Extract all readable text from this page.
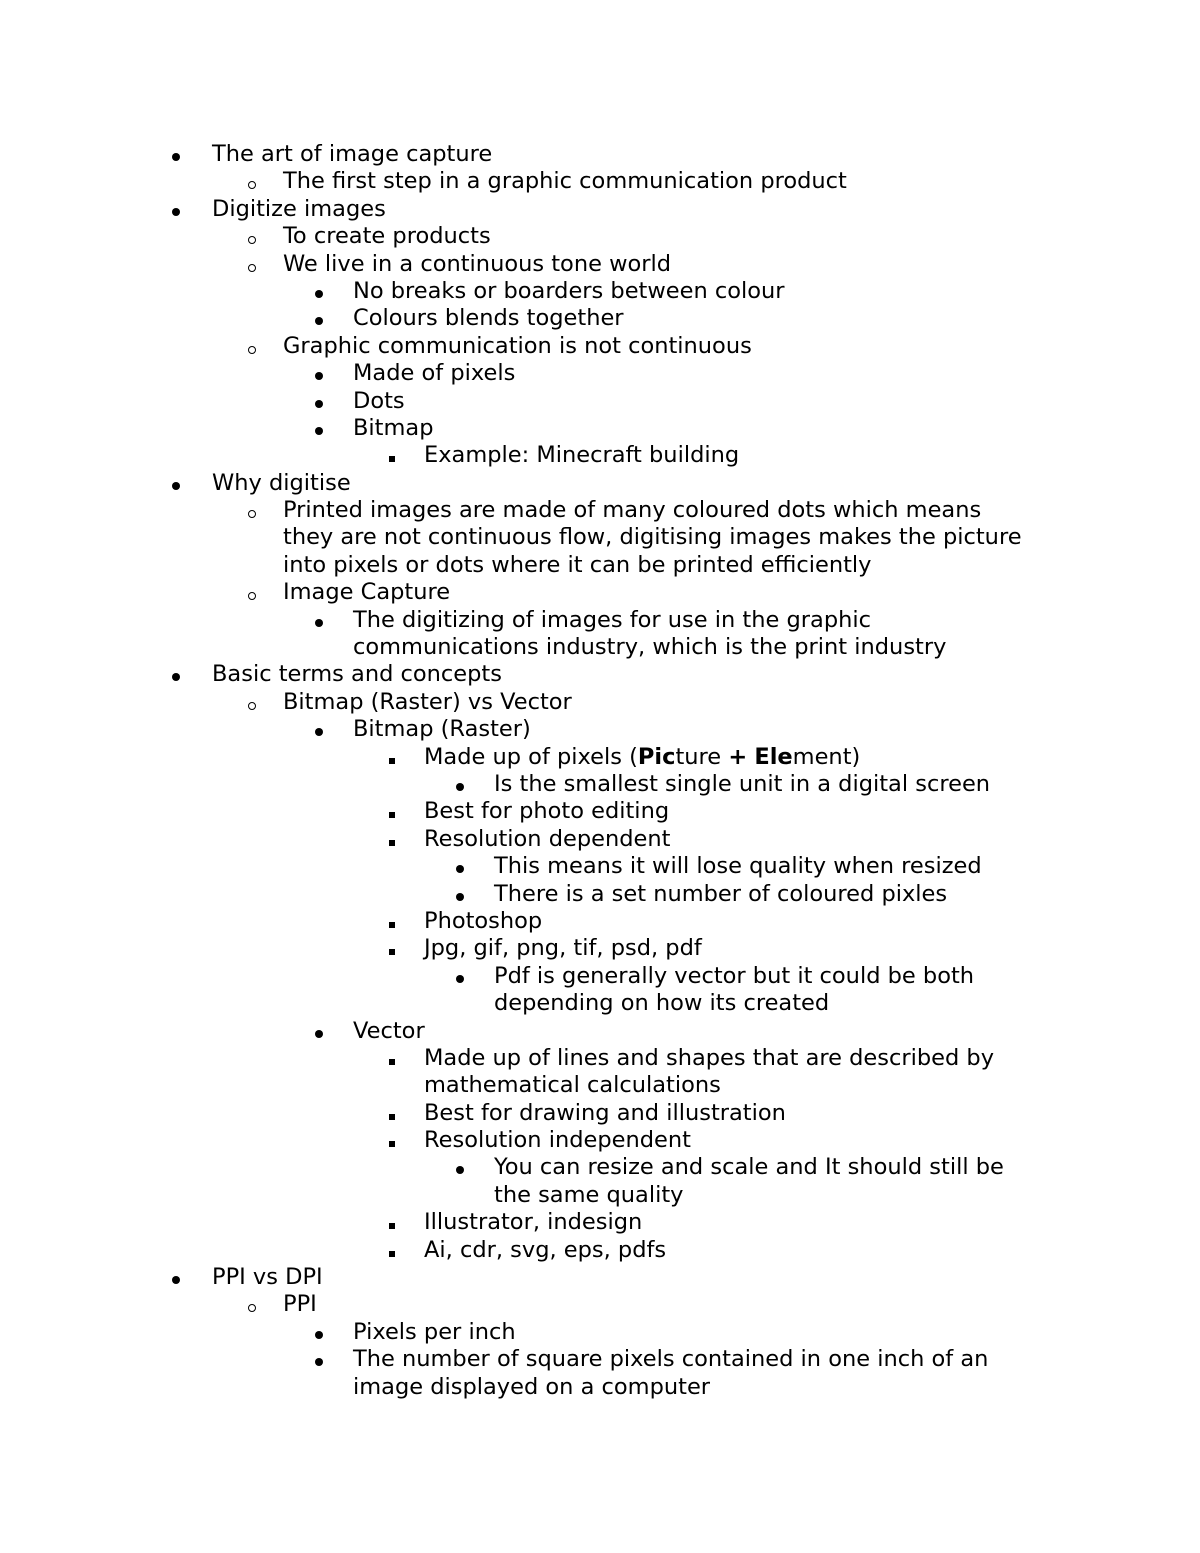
The art of image capture
The first step in a graphic communication product
Digitize images
To create products
We live in a continuous tone world
No breaks or boarders between colour
Colours blends together
Graphic communication is not continuous
Made of pixels
Dots
Bitmap
Example: Minecraft building
Why digitise
Printed images are made of many coloured dots which means
they are not continuous flow, digitising images makes the picture
into pixels or dots where it can be printed efficiently
Image Capture
The digitizing of images for use in the graphic
communications industry, which is the print industry
Basic terms and concepts
Bitmap (Raster) vs Vector
Bitmap (Raster)
Made up of pixels (Picture + Element)
Is the smallest single unit in a digital screen
Best for photo editing
Resolution dependent
This means it will lose quality when resized
There is a set number of coloured pixles
Photoshop
Jpg, gif, png, tif, psd, pdf
Pdf is generally vector but it could be both
depending on how its created
Vector
Made up of lines and shapes that are described by
mathematical calculations
Best for drawing and illustration
Resolution independent
You can resize and scale and It should still be
the same quality
Illustrator, indesign
Ai, cdr, svg, eps, pdfs
PPI vs DPI
PPI
Pixels per inch
The number of square pixels contained in one inch of an
image displayed on a computer
